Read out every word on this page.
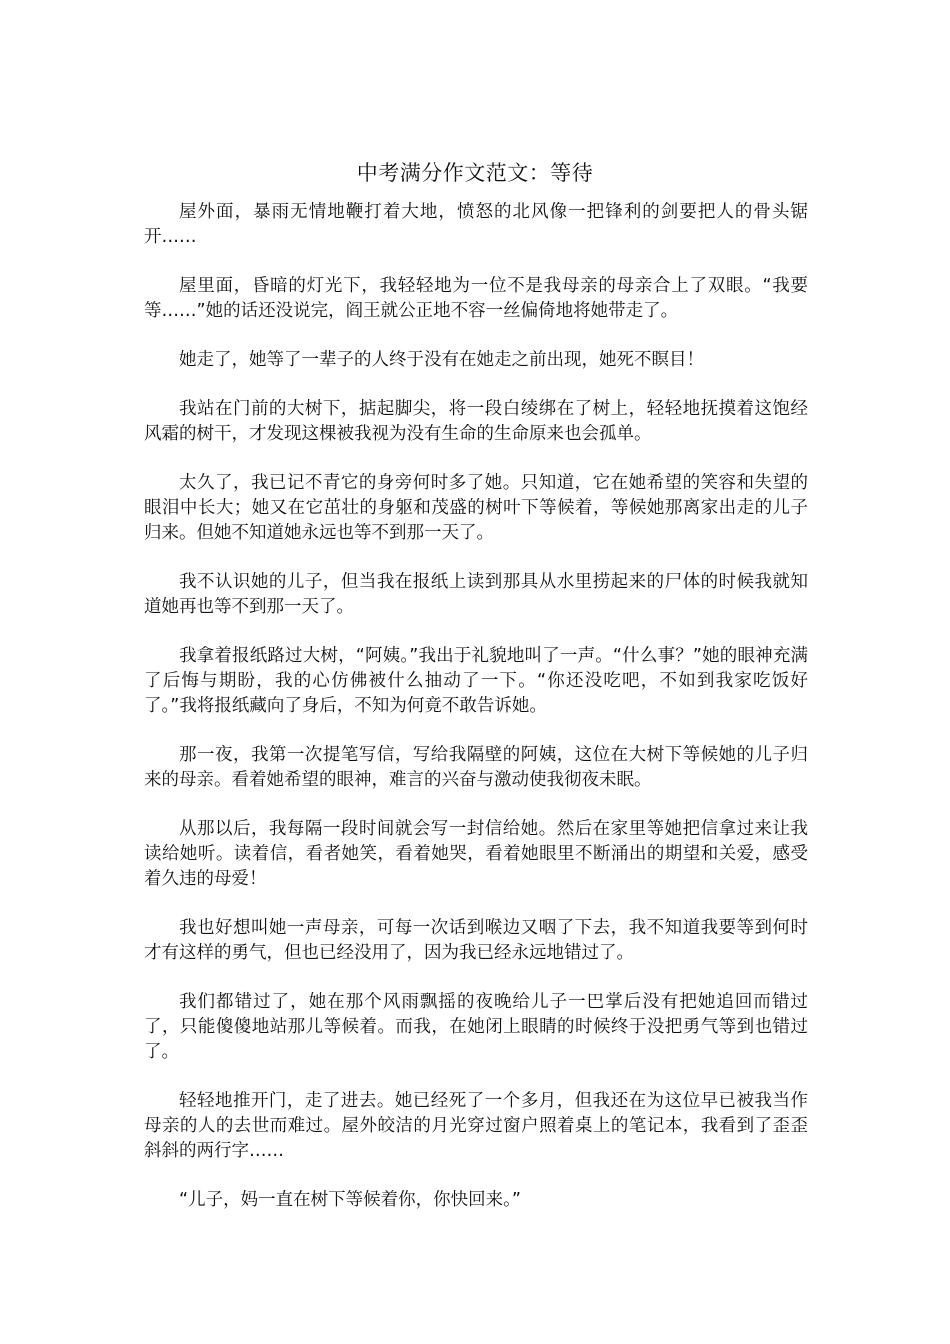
中考满分作文范文：等待

屋外面，暴雨无情地鞭打着大地，愤怒的北风像一把锋利的剑要把人的骨头锯开……

屋里面，昏暗的灯光下，我轻轻地为一位不是我母亲的母亲合上了双眼。“我要等……”她的话还没说完，阎王就公正地不容一丝偏倚地将她带走了。

她走了，她等了一辈子的人终于没有在她走之前出现，她死不瞑目！

我站在门前的大树下，掂起脚尖，将一段白绫绑在了树上，轻轻地抚摸着这饱经风霜的树干，才发现这棵被我视为没有生命的生命原来也会孤单。

太久了，我已记不青它的身旁何时多了她。只知道，它在她希望的笑容和失望的眼泪中长大；她又在它茁壮的身躯和茂盛的树叶下等候着，等候她那离家出走的儿子归来。但她不知道她永远也等不到那一天了。

我不认识她的儿子，但当我在报纸上读到那具从水里捞起来的尸体的时候我就知道她再也等不到那一天了。

我拿着报纸路过大树，“阿姨。”我出于礼貌地叫了一声。“什么事？”她的眼神充满了后悔与期盼，我的心仿佛被什么抽动了一下。“你还没吃吧，不如到我家吃饭好了。”我将报纸藏向了身后，不知为何竟不敢告诉她。

那一夜，我第一次提笔写信，写给我隔壁的阿姨，这位在大树下等候她的儿子归来的母亲。看着她希望的眼神，难言的兴奋与激动使我彻夜未眠。

从那以后，我每隔一段时间就会写一封信给她。然后在家里等她把信拿过来让我读给她听。读着信，看者她笑，看着她哭，看着她眼里不断涌出的期望和关爱，感受着久违的母爱！

我也好想叫她一声母亲，可每一次话到喉边又咽了下去，我不知道我要等到何时才有这样的勇气，但也已经没用了，因为我已经永远地错过了。

我们都错过了，她在那个风雨飘摇的夜晚给儿子一巴掌后没有把她追回而错过了，只能傻傻地站那儿等候着。而我，在她闭上眼睛的时候终于没把勇气等到也错过了。

轻轻地推开门，走了进去。她已经死了一个多月，但我还在为这位早已被我当作母亲的人的去世而难过。屋外皎洁的月光穿过窗户照着桌上的笔记本，我看到了歪歪斜斜的两行字……

“儿子，妈一直在树下等候着你，你快回来。”
